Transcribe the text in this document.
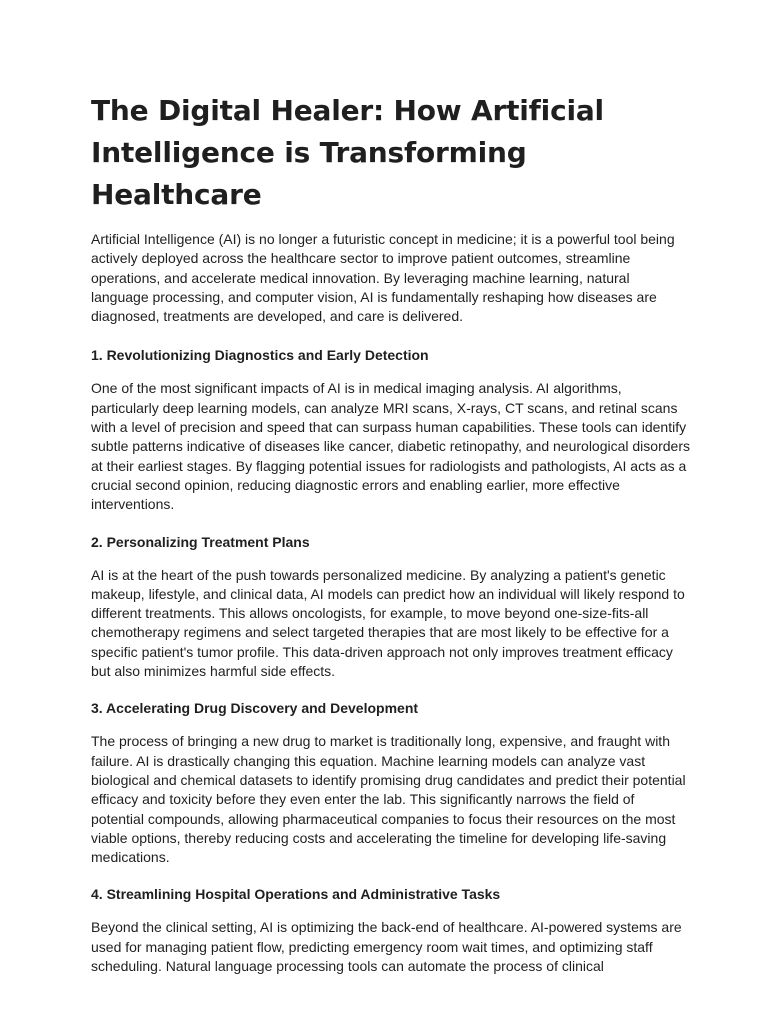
The Digital Healer: How Artificial Intelligence is Transforming Healthcare

Artificial Intelligence (AI) is no longer a futuristic concept in medicine; it is a powerful tool being actively deployed across the healthcare sector to improve patient outcomes, streamline operations, and accelerate medical innovation. By leveraging machine learning, natural language processing, and computer vision, AI is fundamentally reshaping how diseases are diagnosed, treatments are developed, and care is delivered.

1. Revolutionizing Diagnostics and Early Detection

One of the most significant impacts of AI is in medical imaging analysis. AI algorithms, particularly deep learning models, can analyze MRI scans, X-rays, CT scans, and retinal scans with a level of precision and speed that can surpass human capabilities. These tools can identify subtle patterns indicative of diseases like cancer, diabetic retinopathy, and neurological disorders at their earliest stages. By flagging potential issues for radiologists and pathologists, AI acts as a crucial second opinion, reducing diagnostic errors and enabling earlier, more effective interventions.

2. Personalizing Treatment Plans

AI is at the heart of the push towards personalized medicine. By analyzing a patient's genetic makeup, lifestyle, and clinical data, AI models can predict how an individual will likely respond to different treatments. This allows oncologists, for example, to move beyond one-size-fits-all chemotherapy regimens and select targeted therapies that are most likely to be effective for a specific patient's tumor profile. This data-driven approach not only improves treatment efficacy but also minimizes harmful side effects.

3. Accelerating Drug Discovery and Development

The process of bringing a new drug to market is traditionally long, expensive, and fraught with failure. AI is drastically changing this equation. Machine learning models can analyze vast biological and chemical datasets to identify promising drug candidates and predict their potential efficacy and toxicity before they even enter the lab. This significantly narrows the field of potential compounds, allowing pharmaceutical companies to focus their resources on the most viable options, thereby reducing costs and accelerating the timeline for developing life-saving medications.

4. Streamlining Hospital Operations and Administrative Tasks

Beyond the clinical setting, AI is optimizing the back-end of healthcare. AI-powered systems are used for managing patient flow, predicting emergency room wait times, and optimizing staff scheduling. Natural language processing tools can automate the process of clinical
